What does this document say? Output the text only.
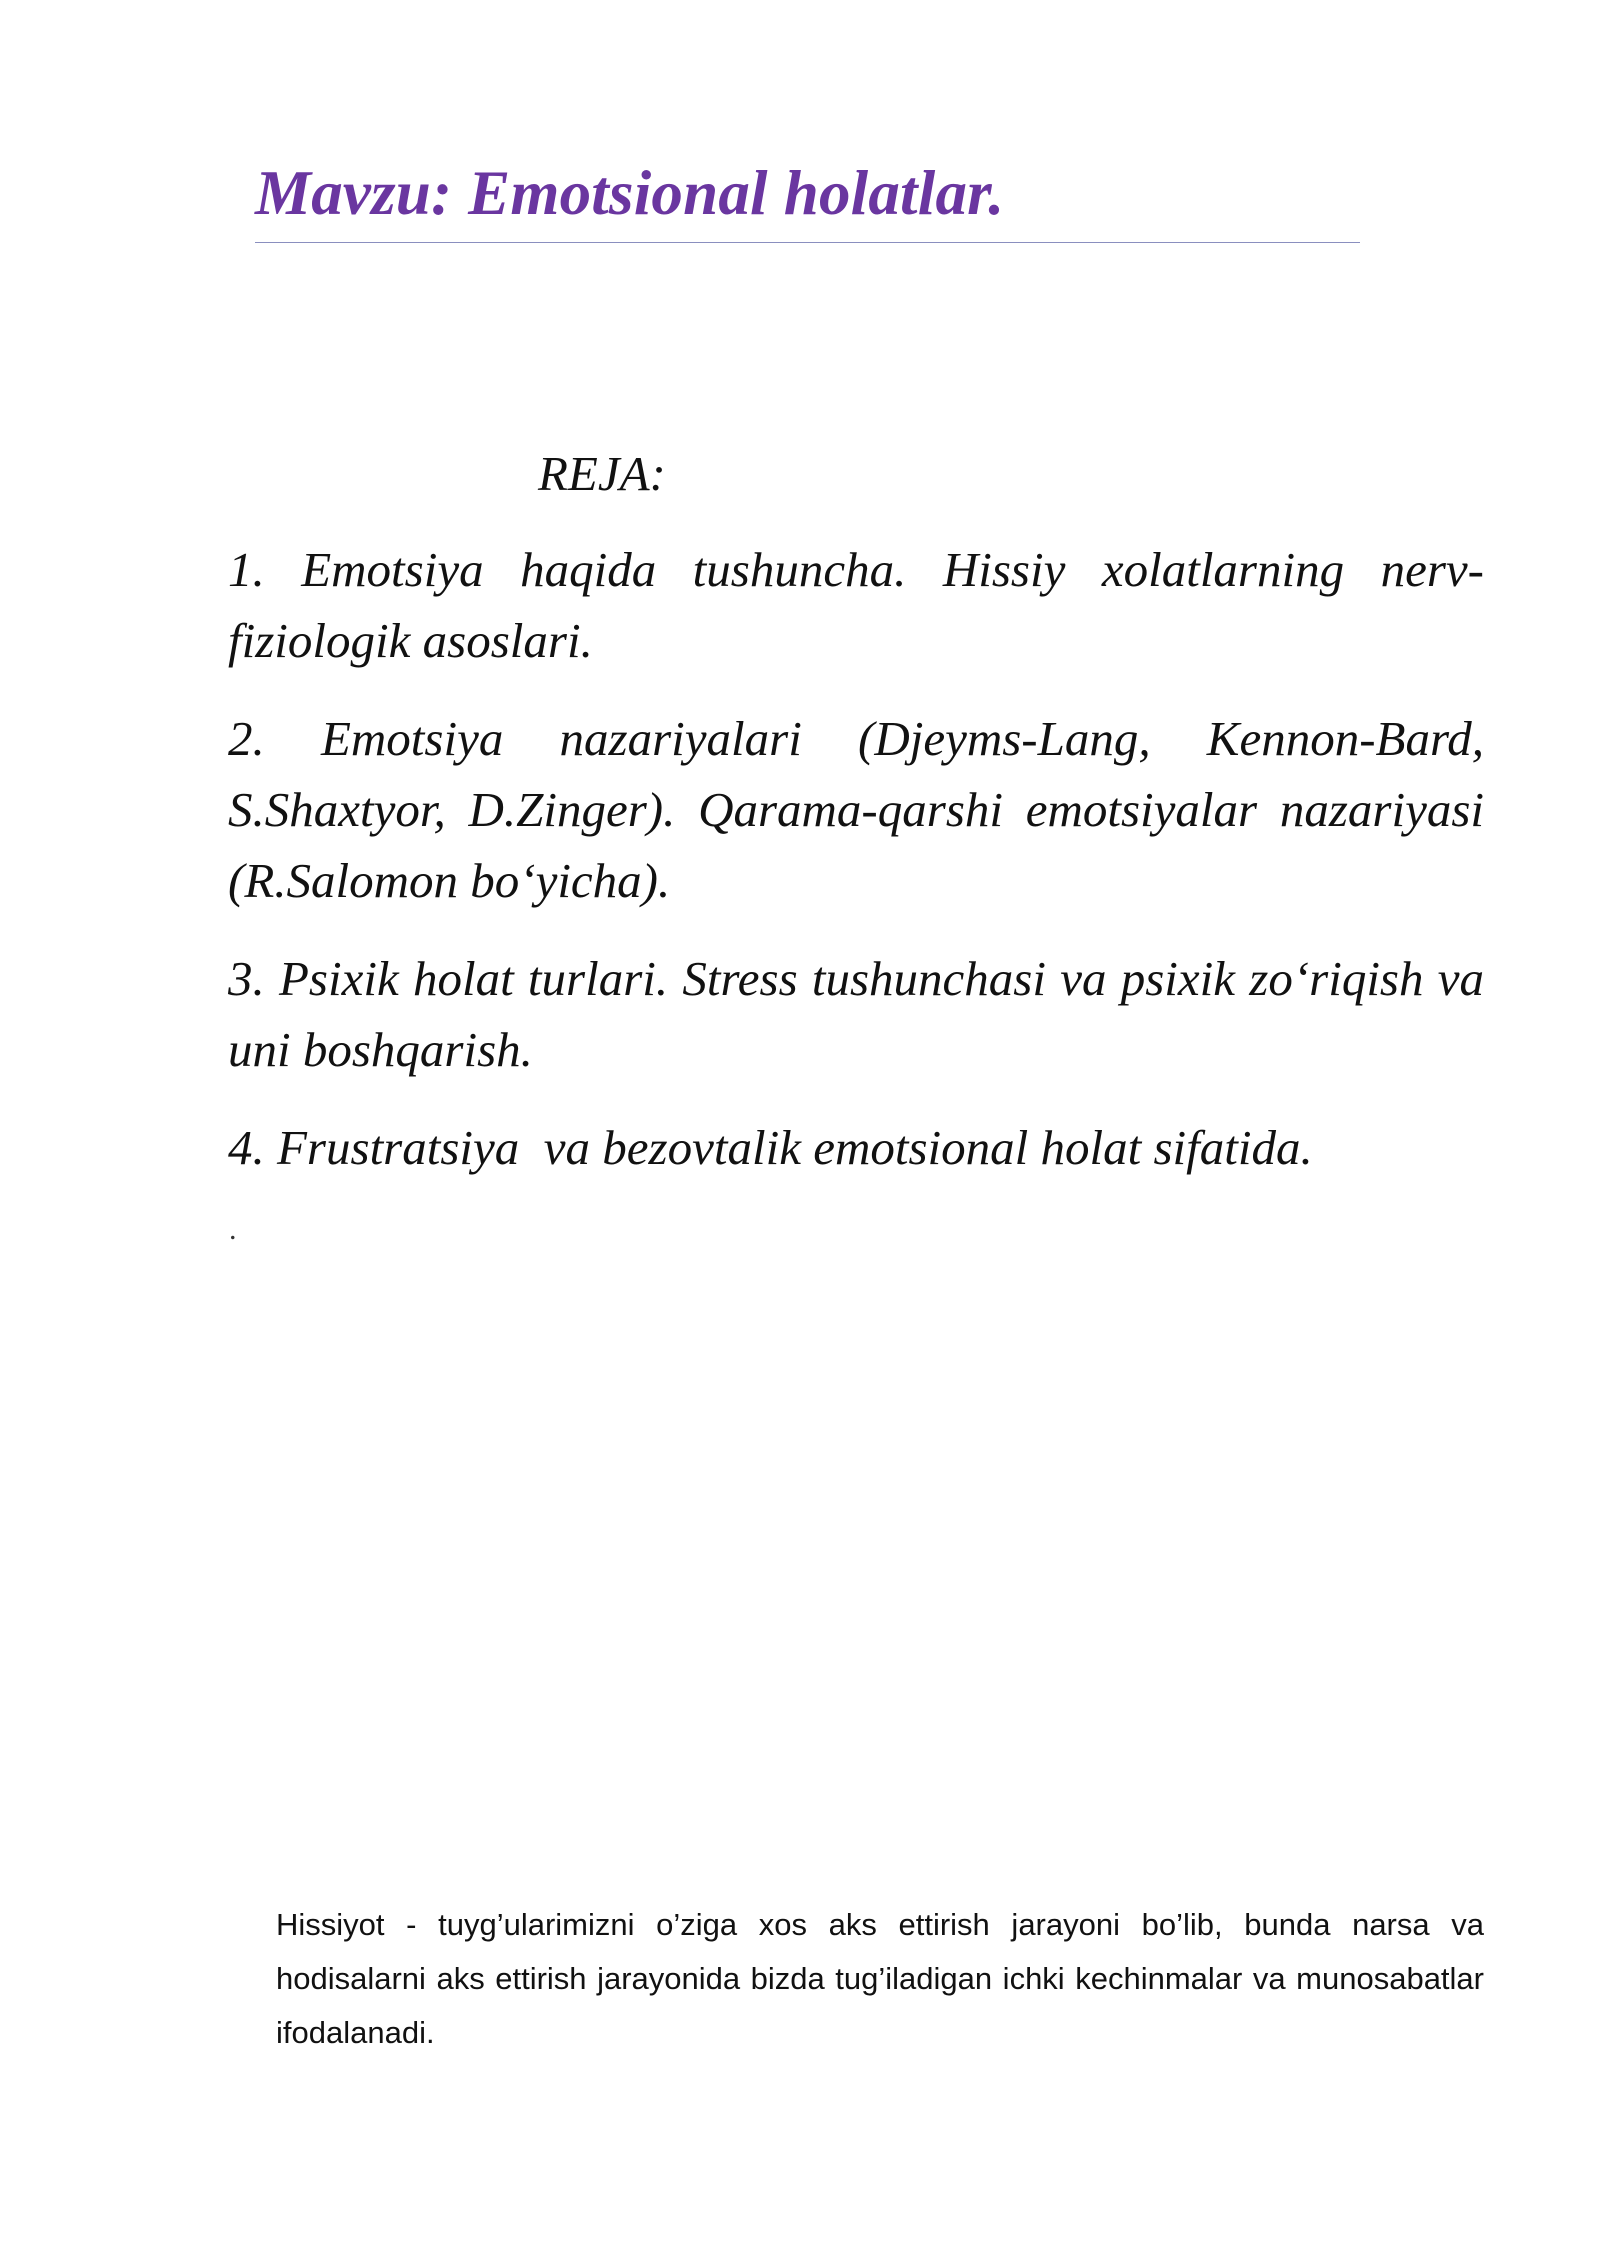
Mavzu: Emotsional holatlar.

REJA:

1. Emotsiya haqida tushuncha. Hissiy xolatlarning nerv-fiziologik asoslari.
2. Emotsiya nazariyalari (Djeyms-Lang, Kennon-Bard, S.Shaxtyor, D.Zinger). Qarama-qarshi emotsiyalar nazariyasi (R.Salomon bo‘yicha).
3. Psixik holat turlari. Stress tushunchasi va psixik zo‘riqish va uni boshqarish.
4. Frustratsiya  va bezovtalik emotsional holat sifatida.

.

Hissiyot - tuyg’ularimizni o’ziga xos aks ettirish jarayoni bo’lib, bunda narsa va hodisalarni aks ettirish jarayonida bizda tug’iladigan ichki kechinmalar va munosabatlar ifodalanadi.
